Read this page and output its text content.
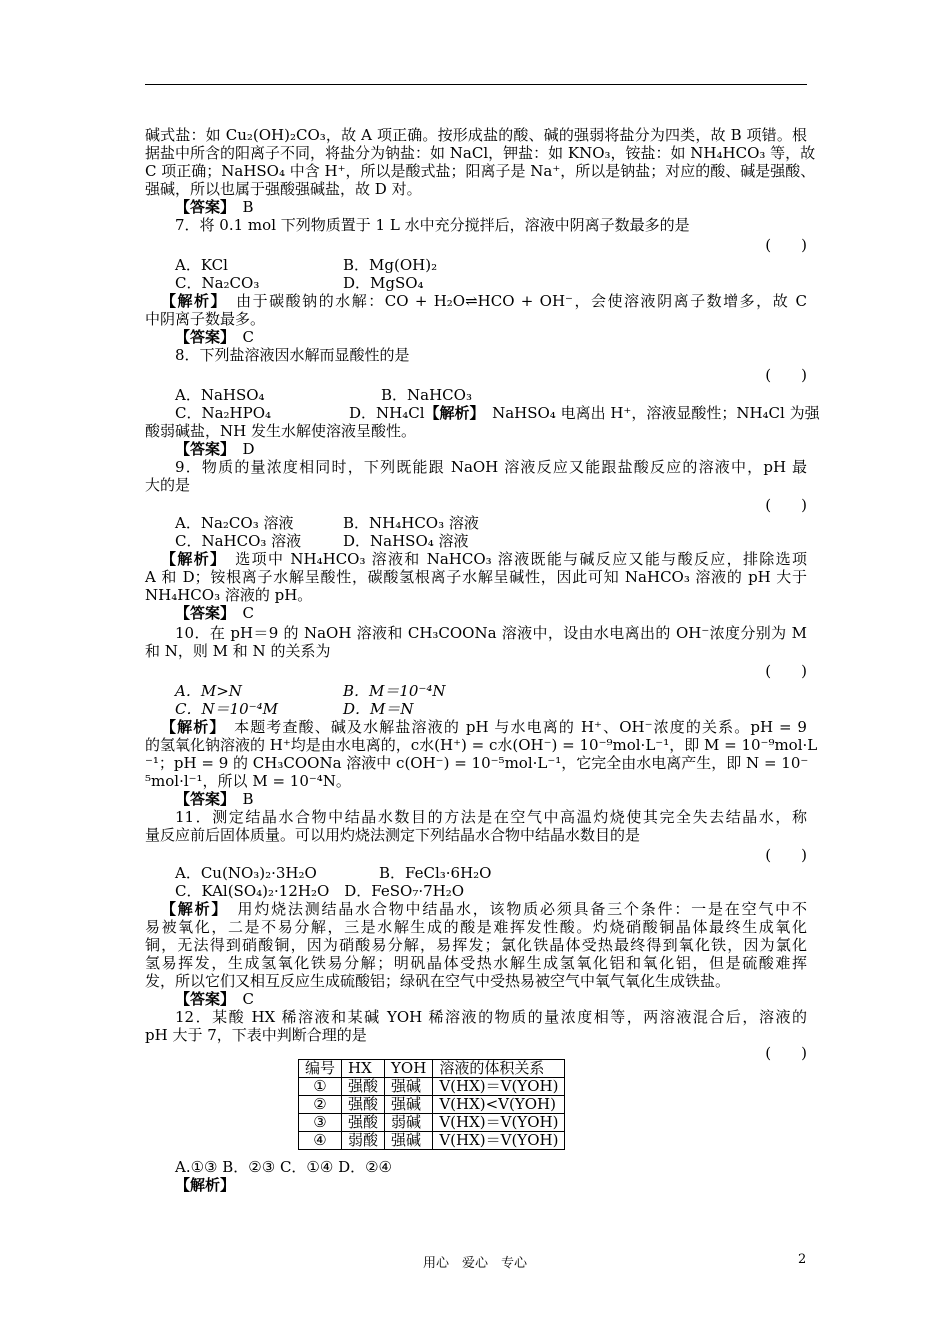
碱式盐：如 Cu₂(OH)₂CO₃，故 A 项正确。按形成盐的酸、碱的强弱将盐分为四类，故 B 项错。根
据盐中所含的阳离子不同，将盐分为钠盐：如 NaCl，钾盐：如 KNO₃，铵盐：如 NH₄HCO₃ 等，故
C 项正确；NaHSO₄ 中含 H⁺，所以是酸式盐；阳离子是 Na⁺，所以是钠盐；对应的酸、碱是强酸、
强碱，所以也属于强酸强碱盐，故 D 对。
【答案】　 B
7．将 0.1 mol 下列物质置于 1 L 水中充分搅拌后，溶液中阴离子数最多的是
(　　)
A．KCl	B．Mg(OH)₂
C．Na₂CO₃	D．MgSO₄
【解析】　 由于碳酸钠的水解：CO + H₂O⇌HCO + OH⁻，会使溶液阴离子数增多，故 C
中阴离子数最多。
【答案】　 C
8．下列盐溶液因水解而显酸性的是
(　　)
A．NaHSO₄	B．NaHCO₃
C．Na₂HPO₄	D．NH₄Cl【解析】　 NaHSO₄ 电离出 H⁺，溶液显酸性；NH₄Cl 为强
酸弱碱盐，NH 发生水解使溶液呈酸性。
【答案】　 D
9．物质的量浓度相同时，下列既能跟 NaOH 溶液反应又能跟盐酸反应的溶液中，pH 最
大的是
(　　)
A．Na₂CO₃ 溶液	B．NH₄HCO₃ 溶液
C．NaHCO₃ 溶液	D．NaHSO₄ 溶液
【解析】　 选项中 NH₄HCO₃ 溶液和 NaHCO₃ 溶液既能与碱反应又能与酸反应，排除选项
A 和 D；铵根离子水解呈酸性，碳酸氢根离子水解呈碱性，因此可知 NaHCO₃ 溶液的 pH 大于
NH₄HCO₃ 溶液的 pH。
【答案】　 C
10．在 pH＝9 的 NaOH 溶液和 CH₃COONa 溶液中，设由水电离出的 OH⁻浓度分别为 M
和 N，则 M 和 N 的关系为
(　　)
A．M>N	B．M＝10⁻⁴N
C．N＝10⁻⁴M	D．M＝N
【解析】　 本题考查酸、碱及水解盐溶液的 pH 与水电离的 H⁺、OH⁻浓度的关系。pH = 9
的氢氧化钠溶液的 H⁺均是由水电离的，c水(H⁺) = c水(OH⁻) = 10⁻⁹mol·L⁻¹，即 M = 10⁻⁹mol·L
⁻¹；pH = 9 的 CH₃COONa 溶液中 c(OH⁻) = 10⁻⁵mol·L⁻¹，它完全由水电离产生，即 N = 10⁻
⁵mol·l⁻¹，所以 M = 10⁻⁴N。
【答案】　 B
11．测定结晶水合物中结晶水数目的方法是在空气中高温灼烧使其完全失去结晶水，称
量反应前后固体质量。可以用灼烧法测定下列结晶水合物中结晶水数目的是
(　　)
A．Cu(NO₃)₂·3H₂O	B．FeCl₃·6H₂O
C．KAl(SO₄)₂·12H₂O　 D．FeSO₇·7H₂O
【解析】　 用灼烧法测结晶水合物中结晶水，该物质必须具备三个条件：一是在空气中不
易被氧化，二是不易分解，三是水解生成的酸是难挥发性酸。灼烧硝酸铜晶体最终生成氧化
铜，无法得到硝酸铜，因为硝酸易分解，易挥发；氯化铁晶体受热最终得到氧化铁，因为氯化
氢易挥发，生成氢氧化铁易分解；明矾晶体受热水解生成氢氧化铝和氧化铝，但是硫酸难挥
发，所以它们又相互反应生成硫酸铝；绿矾在空气中受热易被空气中氧气氧化生成铁盐。
【答案】　 C
12．某酸 HX 稀溶液和某碱 YOH 稀溶液的物质的量浓度相等，两溶液混合后，溶液的
pH 大于 7，下表中判断合理的是
(　　)
编号	HX	YOH	溶液的体积关系
①	强酸	强碱	V(HX)＝V(YOH)
②	强酸	强碱	V(HX)<V(YOH)
③	强酸	弱碱	V(HX)＝V(YOH)
④	弱酸	强碱	V(HX)＝V(YOH)
A.①③ B．②③ C．①④ D．②④
【解析】
用心　爱心　专心	2
